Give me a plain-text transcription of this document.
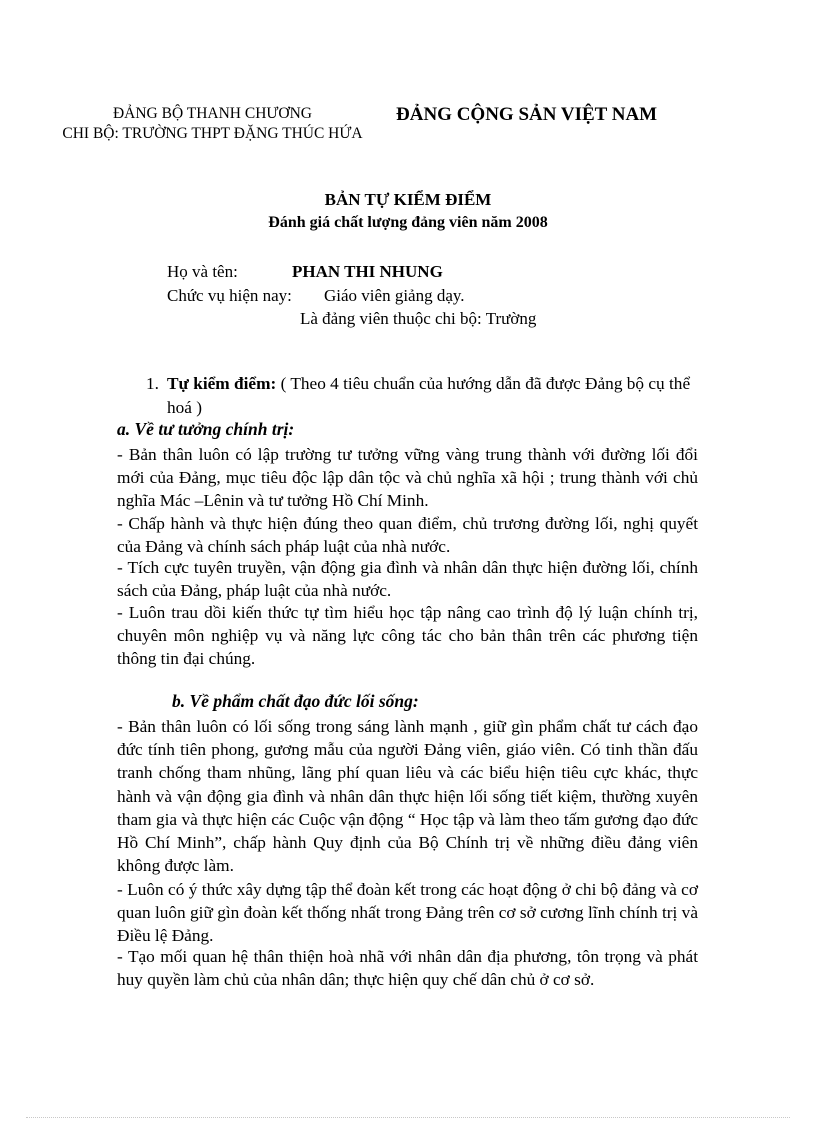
ĐẢNG BỘ THANH CHƯƠNG
CHI BỘ: TRƯỜNG THPT ĐẶNG THÚC HỨA
ĐẢNG CỘNG SẢN VIỆT NAM
BẢN TỰ KIỂM ĐIỂM
Đánh giá chất lượng đảng viên năm 2008
Họ và tên:	PHAN THI NHUNG
Chức vụ hiện nay: Giáo viên giảng dạy.
Là đảng viên thuộc chi bộ: Trường
1. Tự kiểm điểm: ( Theo 4 tiêu chuẩn của hướng dẫn đã được Đảng bộ cụ thể hoá )
a. Về tư tưởng chính trị:
- Bản thân luôn có lập trường tư tưởng vững vàng trung thành với đường lối đổi mới của Đảng, mục tiêu độc lập dân tộc và chủ nghĩa xã hội ; trung thành với chủ nghĩa Mác –Lênin và tư tưởng Hồ Chí Minh.
- Chấp hành và thực hiện đúng theo quan điểm, chủ trương đường lối, nghị quyết của Đảng và chính sách pháp luật của nhà nước.
- Tích cực tuyên truyền, vận động gia đình và nhân dân thực hiện đường lối, chính sách của Đảng, pháp luật của nhà nước.
- Luôn trau dồi kiến thức tự tìm hiểu học tập nâng cao trình độ lý luận chính trị, chuyên môn nghiệp vụ và năng lực công tác cho bản thân trên các phương tiện thông tin đại chúng.
b. Về phẩm chất đạo đức lối sống:
- Bản thân luôn có lối sống trong sáng lành mạnh , giữ gìn phẩm chất tư cách đạo đức tính tiên phong, gương mẫu của người Đảng viên, giáo viên. Có tinh thần đấu tranh chống tham nhũng, lãng phí quan liêu và các biểu hiện tiêu cực khác, thực hành và vận động gia đình và nhân dân thực hiện lối sống tiết kiệm, thường xuyên tham gia và thực hiện các Cuộc vận động “ Học tập và làm theo tấm gương đạo đức Hồ Chí Minh”, chấp hành Quy định của Bộ Chính trị về những điều đảng viên không được làm.
- Luôn có ý thức xây dựng tập thể đoàn kết trong các hoạt động ở chi bộ đảng và cơ quan luôn giữ gìn đoàn kết thống nhất trong Đảng trên cơ sở cương lĩnh chính trị và Điều lệ Đảng.
- Tạo mối quan hệ thân thiện hoà nhã với nhân dân địa phương, tôn trọng và phát huy quyền làm chủ của nhân dân; thực hiện quy chế dân chủ ở cơ sở.
